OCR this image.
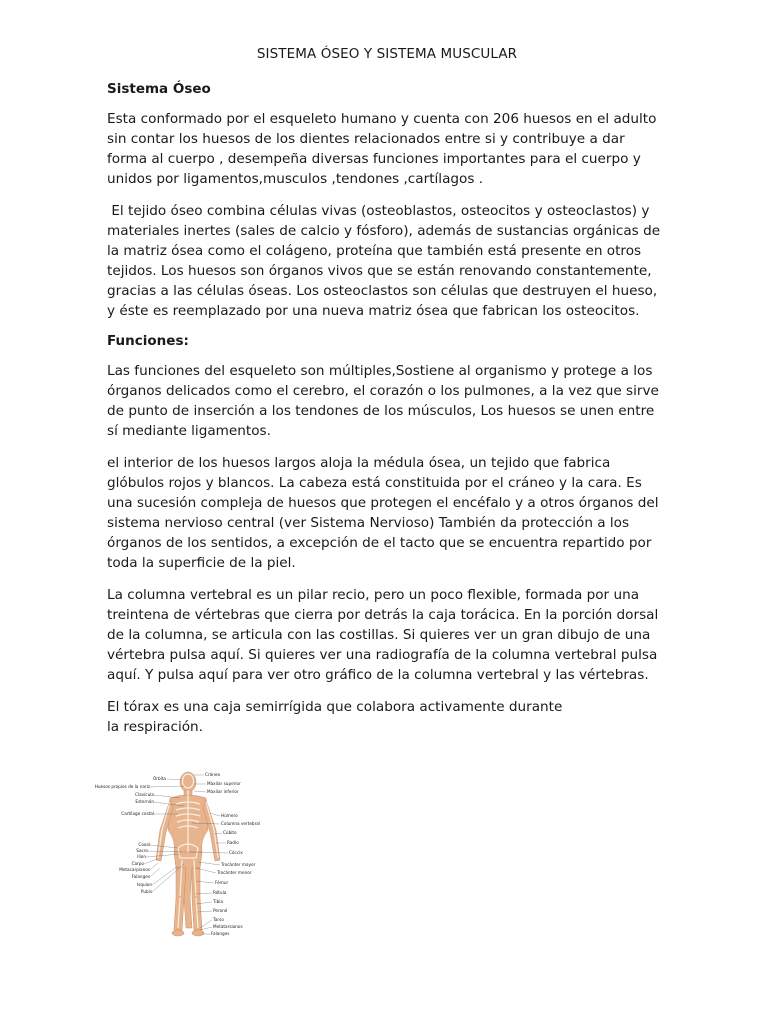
SISTEMA ÓSEO Y SISTEMA MUSCULAR
Sistema Óseo
Esta conformado por el esqueleto humano y cuenta con 206 huesos en el adulto sin contar los huesos de los dientes relacionados entre si y contribuye a dar forma al cuerpo , desempeña diversas funciones importantes para el cuerpo y unidos por ligamentos,musculos ,tendones ,cartílagos .
El tejido óseo combina células vivas (osteoblastos, osteocitos y osteoclastos) y materiales inertes (sales de calcio y fósforo), además de sustancias orgánicas de la matriz ósea como el colágeno, proteína que también está presente en otros tejidos. Los huesos son órganos vivos que se están renovando constantemente, gracias a las células óseas. Los osteoclastos son células que destruyen el hueso, y éste es reemplazado por una nueva matriz ósea que fabrican los osteocitos.
Funciones:
Las funciones del esqueleto son múltiples,Sostiene al organismo y protege a los órganos delicados como el cerebro, el corazón o los pulmones, a la vez que sirve de punto de inserción a los tendones de los músculos, Los huesos se unen entre sí mediante ligamentos.
el interior de los huesos largos aloja la médula ósea, un tejido que fabrica glóbulos rojos y blancos. La cabeza está constituida por el cráneo y la cara. Es una sucesión compleja de huesos que protegen el encéfalo y a otros órganos del sistema nervioso central (ver Sistema Nervioso) También da protección a los órganos de los sentidos, a excepción de el tacto que se encuentra repartido por toda la superficie de la piel.
La columna vertebral es un pilar recio, pero un poco flexible, formada por una treintena de vértebras que cierra por detrás la caja torácica. En la porción dorsal de la columna, se articula con las costillas. Si quieres ver un gran dibujo de una vértebra pulsa aquí. Si quieres ver una radiografía de la columna vertebral pulsa aquí. Y pulsa aquí para ver otro gráfico de la columna vertebral y las vértebras.
El tórax es una caja semirrígida que colabora activamente durante la respiración.
Órbita
Huesos propios de la nariz
Clavícula
Esternón
Cartílago costal
Coxal
Sacro
Ilion
Carpo
Metacarpianos
Falanges
Isquion
Pubis
Cráneo
Maxilar superior
Maxilar inferior
Húmero
Columna vertebral
Cúbito
Radio
Cóccix
Trocánter mayor
Trocánter menor
Fémur
Rótula
Tibia
Peroné
Tarso
Metatarsianos
Falanges
